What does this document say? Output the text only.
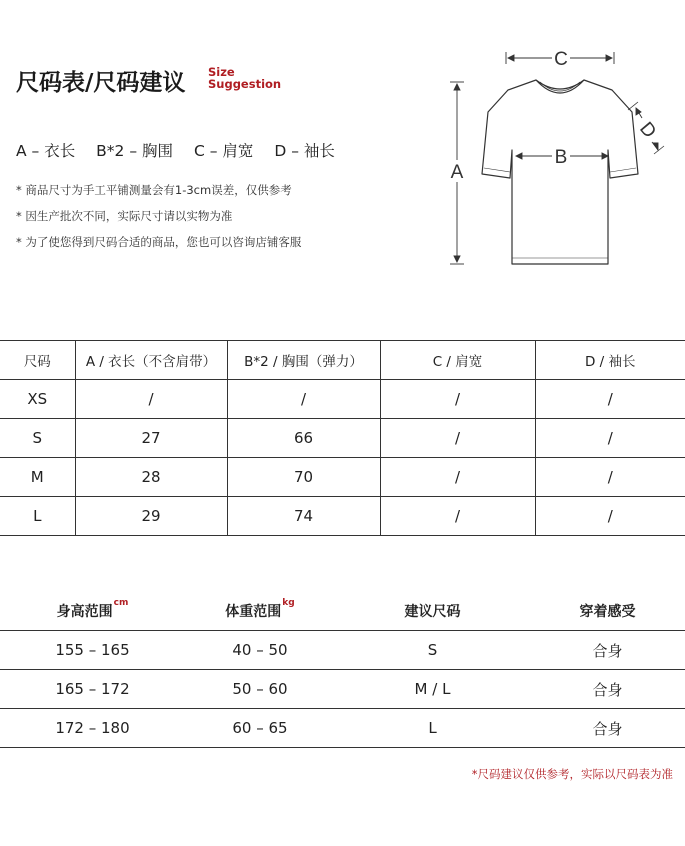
尺码表/尺码建议 Size
Suggestion
A – 衣长 B*2 – 胸围 C – 肩宽 D – 袖长
* 商品尺寸为手工平铺测量会有1-3cm误差，仅供参考
* 因生产批次不同，实际尺寸请以实物为准
* 为了使您得到尺码合适的商品，您也可以咨询店铺客服
C
A
B
D
尺码	A / 衣长（不含肩带）	B*2 / 胸围（弹力）	C / 肩宽	D / 袖长
XS	/	/	/	/
S	27	66	/	/
M	28	70	/	/
L	29	74	/	/
身高范围$^{cm}$	体重范围$^{kg}$	建议尺码	穿着感受
155 – 165	40 – 50	S	合身
165 – 172	50 – 60	M / L	合身
172 – 180	60 – 65	L	合身
*尺码建议仅供参考，实际以尺码表为准
